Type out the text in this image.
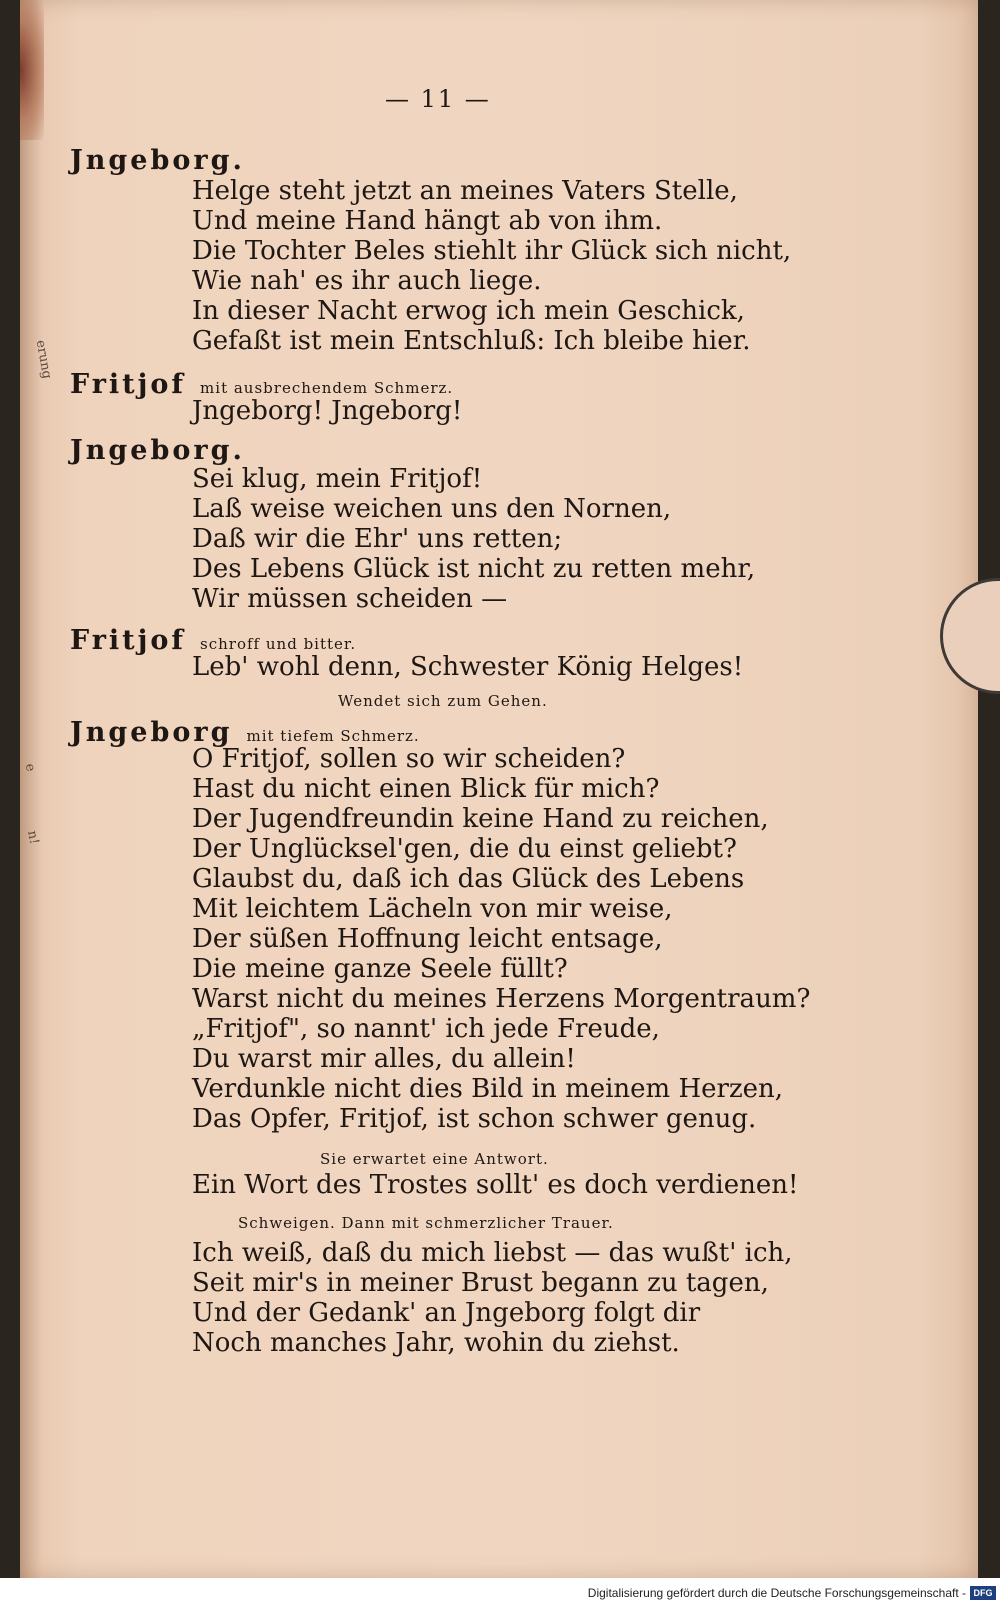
erung
e
n!
— 11 —
Jngeborg.
Helge steht jetzt an meines Vaters Stelle,
Und meine Hand hängt ab von ihm.
Die Tochter Beles stiehlt ihr Glück sich nicht,
Wie nah' es ihr auch liege.
In dieser Nacht erwog ich mein Geschick,
Gefaßt ist mein Entschluß: Ich bleibe hier.
Fritjof mit ausbrechendem Schmerz.
Jngeborg! Jngeborg!
Jngeborg.
Sei klug, mein Fritjof!
Laß weise weichen uns den Nornen,
Daß wir die Ehr' uns retten;
Des Lebens Glück ist nicht zu retten mehr,
Wir müssen scheiden —
Fritjof schroff und bitter.
Leb' wohl denn, Schwester König Helges!
Wendet sich zum Gehen.
Jngeborg mit tiefem Schmerz.
O Fritjof, sollen so wir scheiden?
Hast du nicht einen Blick für mich?
Der Jugendfreundin keine Hand zu reichen,
Der Unglücksel'gen, die du einst geliebt?
Glaubst du, daß ich das Glück des Lebens
Mit leichtem Lächeln von mir weise,
Der süßen Hoffnung leicht entsage,
Die meine ganze Seele füllt?
Warst nicht du meines Herzens Morgentraum?
„Fritjof", so nannt' ich jede Freude,
Du warst mir alles, du allein!
Verdunkle nicht dies Bild in meinem Herzen,
Das Opfer, Fritjof, ist schon schwer genug.
Sie erwartet eine Antwort.
Ein Wort des Trostes sollt' es doch verdienen!
Schweigen. Dann mit schmerzlicher Trauer.
Ich weiß, daß du mich liebst — das wußt' ich,
Seit mir's in meiner Brust begann zu tagen,
Und der Gedank' an Jngeborg folgt dir
Noch manches Jahr, wohin du ziehst.
Digitalisierung gefördert durch die Deutsche Forschungsgemeinschaft - DFG
